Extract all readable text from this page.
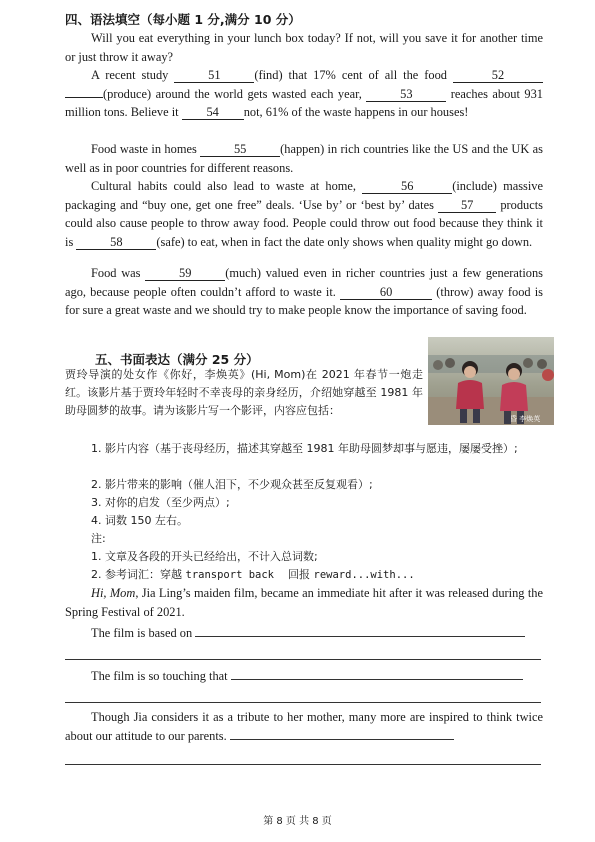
四、语法填空（每小题 1 分,满分 10 分）
Will you eat everything in your lunch box today? If not, will you save it for another time or just throw it away?
A recent study	51	(find) that 17% cent of all the food	52 (produce) around the world gets wasted each year,	53	reaches about 931 million tons. Believe it 54 not, 61% of the waste happens in our houses!
Food waste in homes	55	(happen) in rich countries like the US and the UK as well as in poor countries for different reasons.
Cultural habits could also lead to waste at home,	56	(include) massive packaging and “buy one, get one free” deals. ‘Use by’ or ‘best by’ dates 57 products could also cause people to throw away food. People could throw out food because they think it is	58	(safe) to eat, when in fact the date only shows when quality might go down.
Food was	59	(much) valued even in richer countries just a few generations ago, because people often couldn’t afford to waste it.	60	(throw) away food is for sure a great waste and we should try to make people know the importance of saving food.
五、书面表达（满分 25 分）
昏 李焕英
贾玲导演的处女作《你好，李焕英》(Hi, Mom)在 2021 年春节一炮走红。该影片基于贾玲年轻时不幸丧母的亲身经历，介绍她穿越至 1981 年助母圆梦的故事。请为该影片写一个影评，内容应包括：
1. 影片内容（基于丧母经历，描述其穿越至 1981 年助母圆梦却事与愿违，屡屡受挫）;
2. 影片带来的影响（催人泪下，不少观众甚至反复观看）;
3. 对你的启发（至少两点）;
4. 词数 150 左右。
注:
1. 文章及各段的开头已经给出，不计入总词数;
2. 参考词汇：穿越 transport back 回报 reward...with...
Hi, Mom, Jia Ling’s maiden film, became an immediate hit after it was released during the Spring Festival of 2021.
The film is based on
The film is so touching that
Though Jia considers it as a tribute to her mother, many more are inspired to think twice about our attitude to our parents.
第 8 页 共 8 页
